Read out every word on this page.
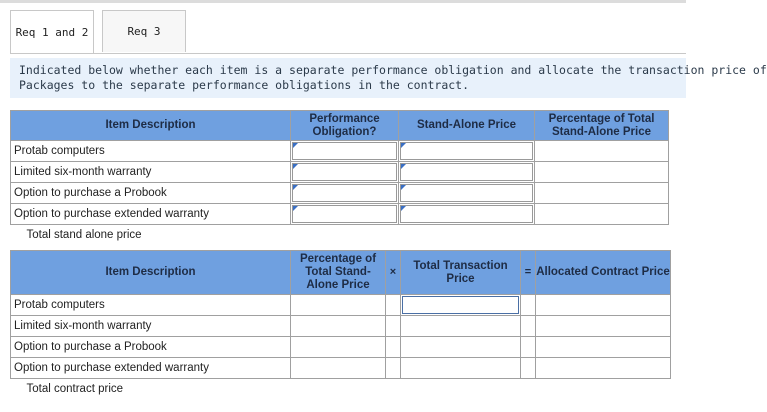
Req 1 and 2	Req 3
Indicated below whether each item is a separate performance obligation and allocate the transaction price of
Packages to the separate performance obligations in the contract.
Item Description	Performance Obligation?	Stand-Alone Price	Percentage of Total Stand-Alone Price
Protab computers	

Limited six-month warranty	

Option to purchase a Probook	

Option to purchase extended warranty	

Total stand alone price			
Item Description	Percentage of Total Stand-Alone Price	×	Total Transaction Price	=	Allocated Contract Price
Protab computers			

Limited six-month warranty					
Option to purchase a Probook					
Option to purchase extended warranty					
Total contract price					
